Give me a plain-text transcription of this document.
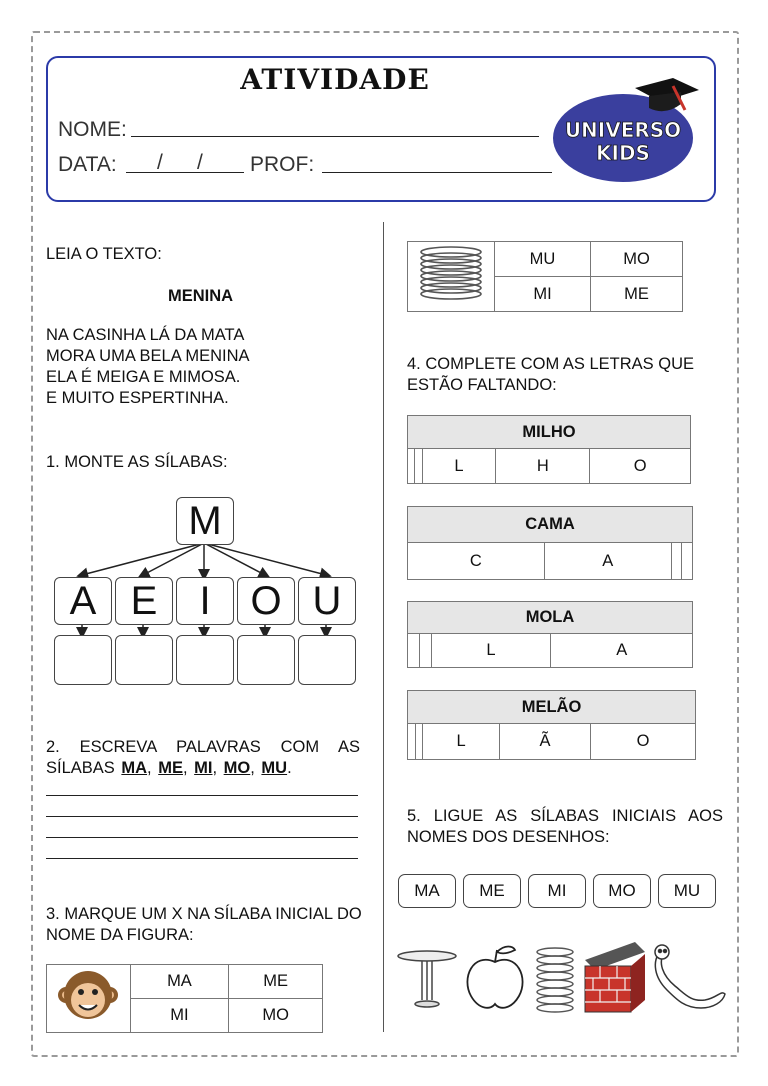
ATIVIDADE
NOME:
DATA: / / PROF:
UNIVERSO
KIDS
LEIA O TEXTO:
MENINA
NA CASINHA LÁ DA MATA
MORA UMA BELA MENINA
ELA É MEIGA E MIMOSA.
E MUITO ESPERTINHA.
1. MONTE AS SÍLABAS:
M
A E	I O U
2. ESCREVA PALAVRAS COM AS SÍLABAS MA, ME, MI, MO, MU.
3. MARQUE UM X NA SÍLABA INICIAL DO NOME DA FIGURA:
	MA	ME
	MI	MO
	MU	MO
	MI	ME
4. COMPLETE COM AS LETRAS QUE ESTÃO FALTANDO:
MILHO
		L	H	O
CAMA
C	A		
MOLA
		L	A
MELÃO
		L	Ã	O
5. LIGUE AS SÍLABAS INICIAIS AOS NOMES DOS DESENHOS:
MA	ME	MI	MO	MU
